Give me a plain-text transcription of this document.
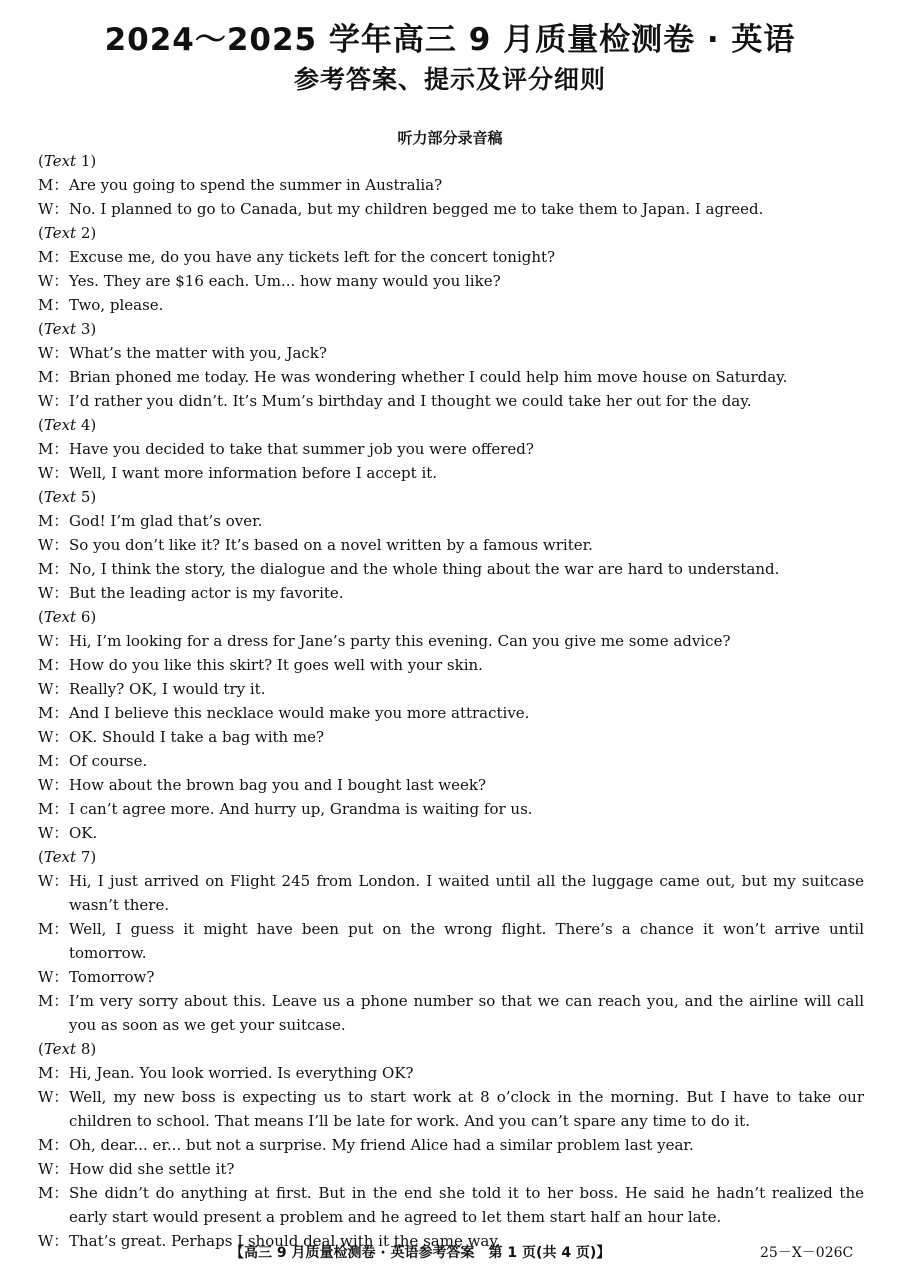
2024～2025 学年高三 9 月质量检测卷 · 英语
参考答案、提示及评分细则
听力部分录音稿
(Text 1)
M： Are you going to spend the summer in Australia?
W： No. I planned to go to Canada, but my children begged me to take them to Japan. I agreed.
(Text 2)
M： Excuse me, do you have any tickets left for the concert tonight?
W： Yes. They are $16 each. Um... how many would you like?
M： Two, please.
(Text 3)
W： What’s the matter with you, Jack?
M： Brian phoned me today. He was wondering whether I could help him move house on Saturday.
W： I’d rather you didn’t. It’s Mum’s birthday and I thought we could take her out for the day.
(Text 4)
M： Have you decided to take that summer job you were offered?
W： Well, I want more information before I accept it.
(Text 5)
M： God! I’m glad that’s over.
W： So you don’t like it? It’s based on a novel written by a famous writer.
M： No, I think the story, the dialogue and the whole thing about the war are hard to understand.
W： But the leading actor is my favorite.
(Text 6)
W： Hi, I’m looking for a dress for Jane’s party this evening. Can you give me some advice?
M： How do you like this skirt? It goes well with your skin.
W： Really? OK, I would try it.
M： And I believe this necklace would make you more attractive.
W： OK. Should I take a bag with me?
M： Of course.
W： How about the brown bag you and I bought last week?
M： I can’t agree more. And hurry up, Grandma is waiting for us.
W： OK.
(Text 7)
W： Hi, I just arrived on Flight 245 from London. I waited until all the luggage came out, but my suitcase wasn’t there.
M： Well, I guess it might have been put on the wrong flight. There’s a chance it won’t arrive until tomorrow.
W： Tomorrow?
M： I’m very sorry about this. Leave us a phone number so that we can reach you, and the airline will call you as soon as we get your suitcase.
(Text 8)
M： Hi, Jean. You look worried. Is everything OK?
W： Well, my new boss is expecting us to start work at 8 o’clock in the morning. But I have to take our children to school. That means I’ll be late for work. And you can’t spare any time to do it.
M： Oh, dear... er... but not a surprise. My friend Alice had a similar problem last year.
W： How did she settle it?
M： She didn’t do anything at first. But in the end she told it to her boss. He said he hadn’t realized the early start would present a problem and he agreed to let them start half an hour late.
W： That’s great. Perhaps I should deal with it the same way.
【高三 9 月质量检测卷 · 英语参考答案　第 1 页(共 4 页)】	25－X－026C
